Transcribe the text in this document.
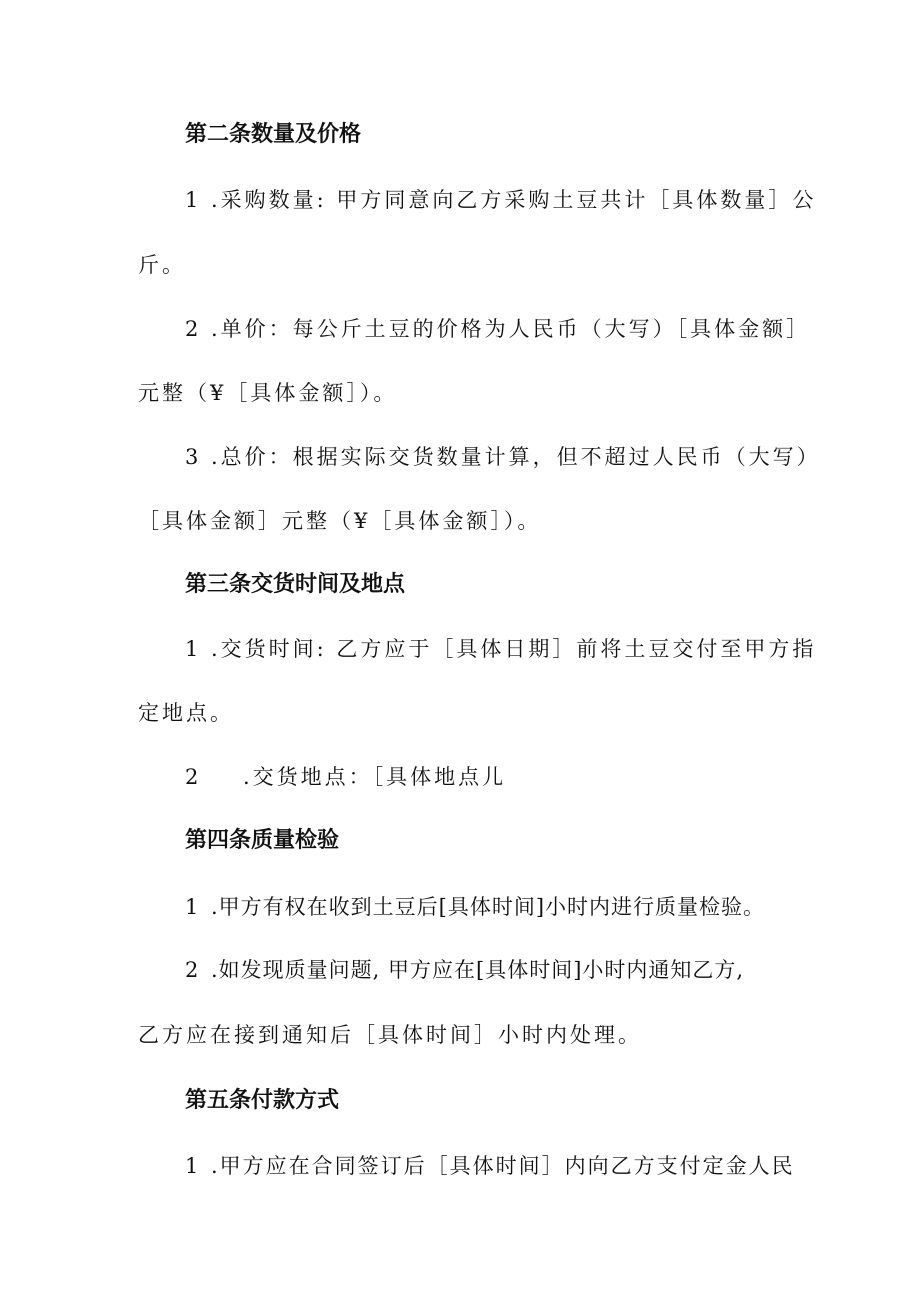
第二条数量及价格

1 .采购数量: 甲方同意向乙方采购土豆共计［具体数量］公

斤。

2 .单价：每公斤土豆的价格为人民币（大写）［具体金额］

元整（¥［具体金额］）。

3 .总价：根据实际交货数量计算，但不超过人民币（大写）

［具体金额］元整（¥［具体金额］）。

第三条交货时间及地点

1 .交货时间: 乙方应于［具体日期］前将土豆交付至甲方指

定地点。

2 .交货地点：［具体地点儿

第四条质量检验

1 .甲方有权在收到土豆后[具体时间]小时内进行质量检验。

2 .如发现质量问题, 甲方应在[具体时间]小时内通知乙方,

乙方应在接到通知后［具体时间］小时内处理。

第五条付款方式

1 .甲方应在合同签订后［具体时间］内向乙方支付定金人民
